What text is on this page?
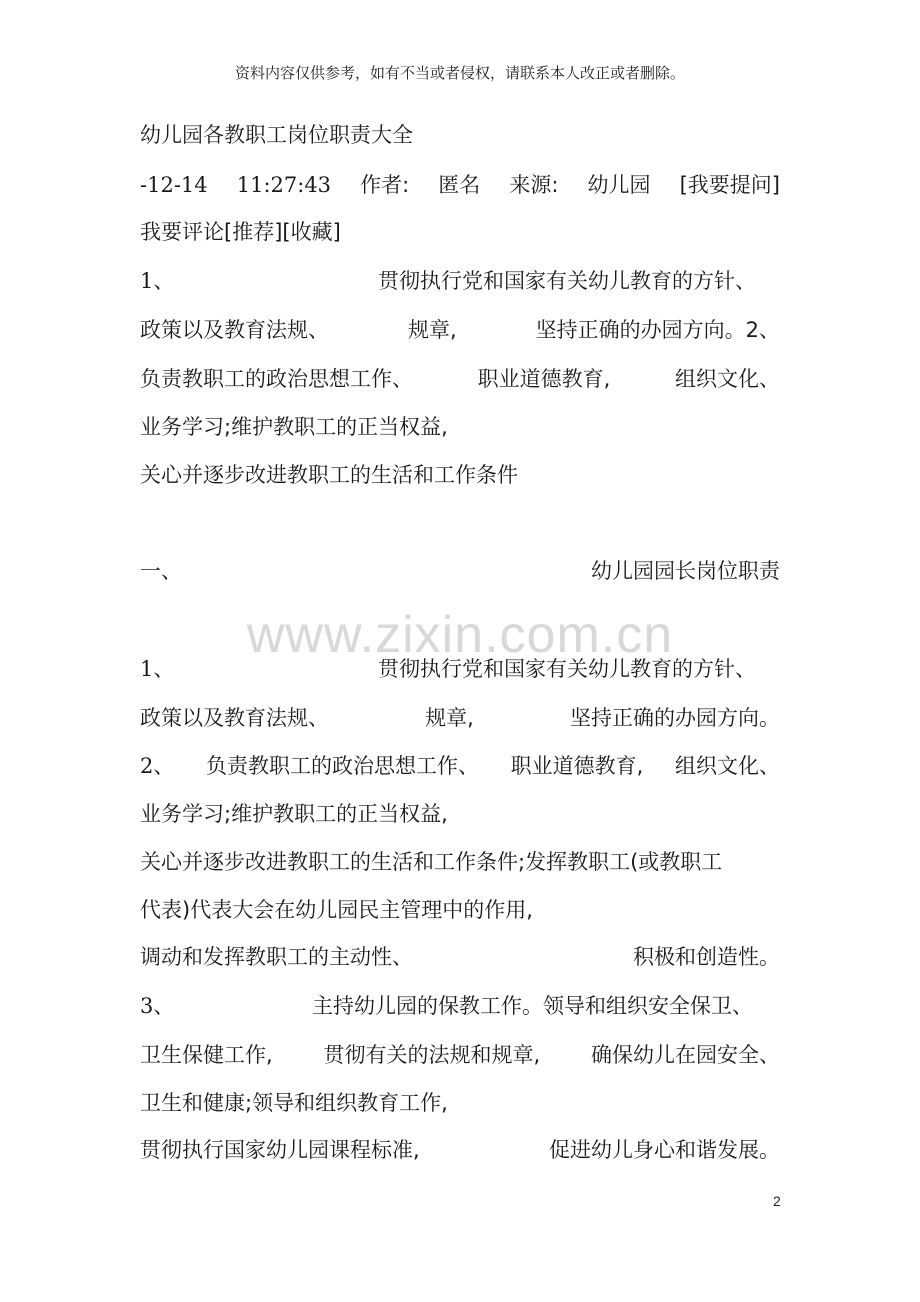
资料内容仅供参考，如有不当或者侵权，请联系本人改正或者删除。
www.zixin.com.cn
幼儿园各教职工岗位职责大全
-12-14 11:27:43 作者: 匿名 来源: 幼儿园 [我要提问]
我要评论[推荐][收藏]
1、	贯彻执行党和国家有关幼儿教育的方针、
政策以及教育法规、	规章,	坚持正确的办园方向。2、
负责教职工的政治思想工作、	职业道德教育,	组织文化、
业务学习;维护教职工的正当权益,
关心并逐步改进教职工的生活和工作条件
一、	幼儿园园长岗位职责
1、	贯彻执行党和国家有关幼儿教育的方针、
政策以及教育法规、	规章,	坚持正确的办园方向。
2、 负责教职工的政治思想工作、 职业道德教育, 组织文化、
业务学习;维护教职工的正当权益,
关心并逐步改进教职工的生活和工作条件;发挥教职工(或教职工
代表)代表大会在幼儿园民主管理中的作用,
调动和发挥教职工的主动性、	积极和创造性。
3、	主持幼儿园的保教工作。领导和组织安全保卫、
卫生保健工作, 贯彻有关的法规和规章, 确保幼儿在园安全、
卫生和健康;领导和组织教育工作,
贯彻执行国家幼儿园课程标准,	促进幼儿身心和谐发展。
2
